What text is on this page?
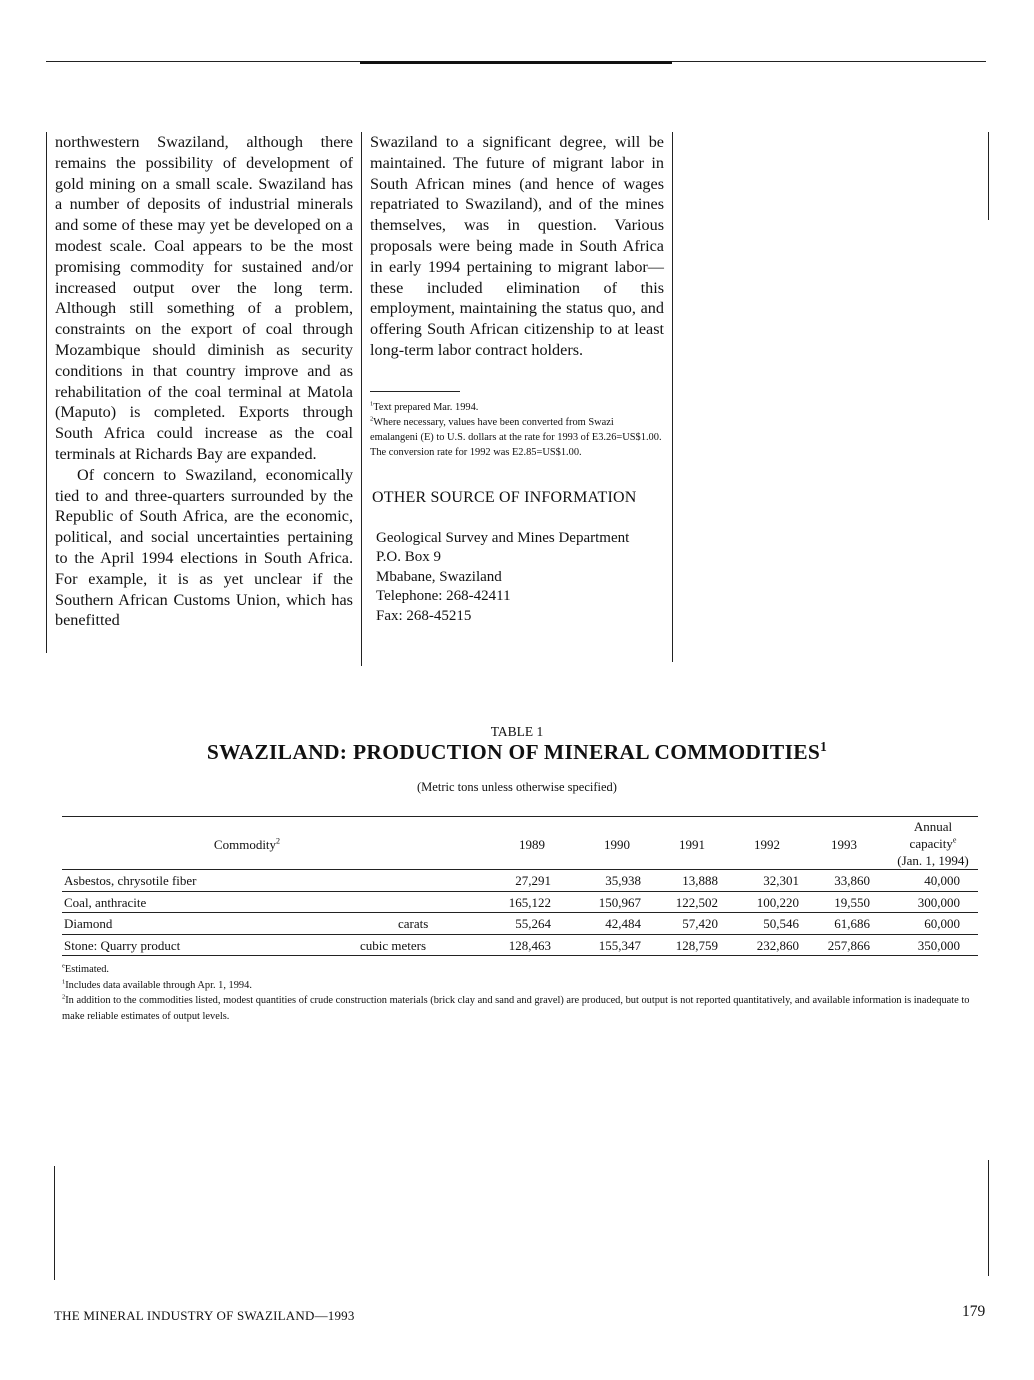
northwestern Swaziland, although there remains the possibility of development of gold mining on a small scale. Swaziland has a number of deposits of industrial minerals and some of these may yet be developed on a modest scale. Coal appears to be the most promising commodity for sustained and/or increased output over the long term. Although still something of a problem, constraints on the export of coal through Mozambique should diminish as security conditions in that country improve and as rehabilitation of the coal terminal at Matola (Maputo) is completed. Exports through South Africa could increase as the coal terminals at Richards Bay are expanded.

Of concern to Swaziland, economically tied to and three-quarters surrounded by the Republic of South Africa, are the economic, political, and social uncertainties pertaining to the April 1994 elections in South Africa. For example, it is as yet unclear if the Southern African Customs Union, which has benefitted

Swaziland to a significant degree, will be maintained. The future of migrant labor in South African mines (and hence of wages repatriated to Swaziland), and of the mines themselves, was in question. Various proposals were being made in South Africa in early 1994 pertaining to migrant labor—these included elimination of this employment, maintaining the status quo, and offering South African citizenship to at least long-term labor contract holders.

$^1$Text prepared Mar. 1994.

$^2$Where necessary, values have been converted from Swazi emalangeni (E) to U.S. dollars at the rate for 1993 of E3.26=US$1.00. The conversion rate for 1992 was E2.85=US$1.00.

OTHER SOURCE OF INFORMATION
Geological Survey and Mines Department
P.O. Box 9
Mbabane, Swaziland
Telephone: 268-42411
Fax: 268-45215
TABLE 1
SWAZILAND: PRODUCTION OF MINERAL COMMODITIES$^1$
(Metric tons unless otherwise specified)
Commodity$^2$	1989	1990	1991	1992	1993
Annual
capacity$^e$
(Jan. 1, 1994)
Asbestos, chrysotile fiber	27,291	35,938	13,888	32,301	33,860	40,000
Coal, anthracite	165,122	150,967	122,502	100,220	19,550	300,000
Diamond	carats	55,264	42,484	57,420	50,546	61,686	60,000
Stone: Quarry product	cubic meters	128,463	155,347	128,759	232,860 257,866	350,000

$^e$Estimated.

$^1$Includes data available through Apr. 1, 1994.

$^2$In addition to the commodities listed, modest quantities of crude construction materials (brick clay and sand and gravel) are produced, but output is not reported quantitatively, and available information is inadequate to make reliable estimates of output levels.

THE MINERAL INDUSTRY OF SWAZILAND—1993	179
